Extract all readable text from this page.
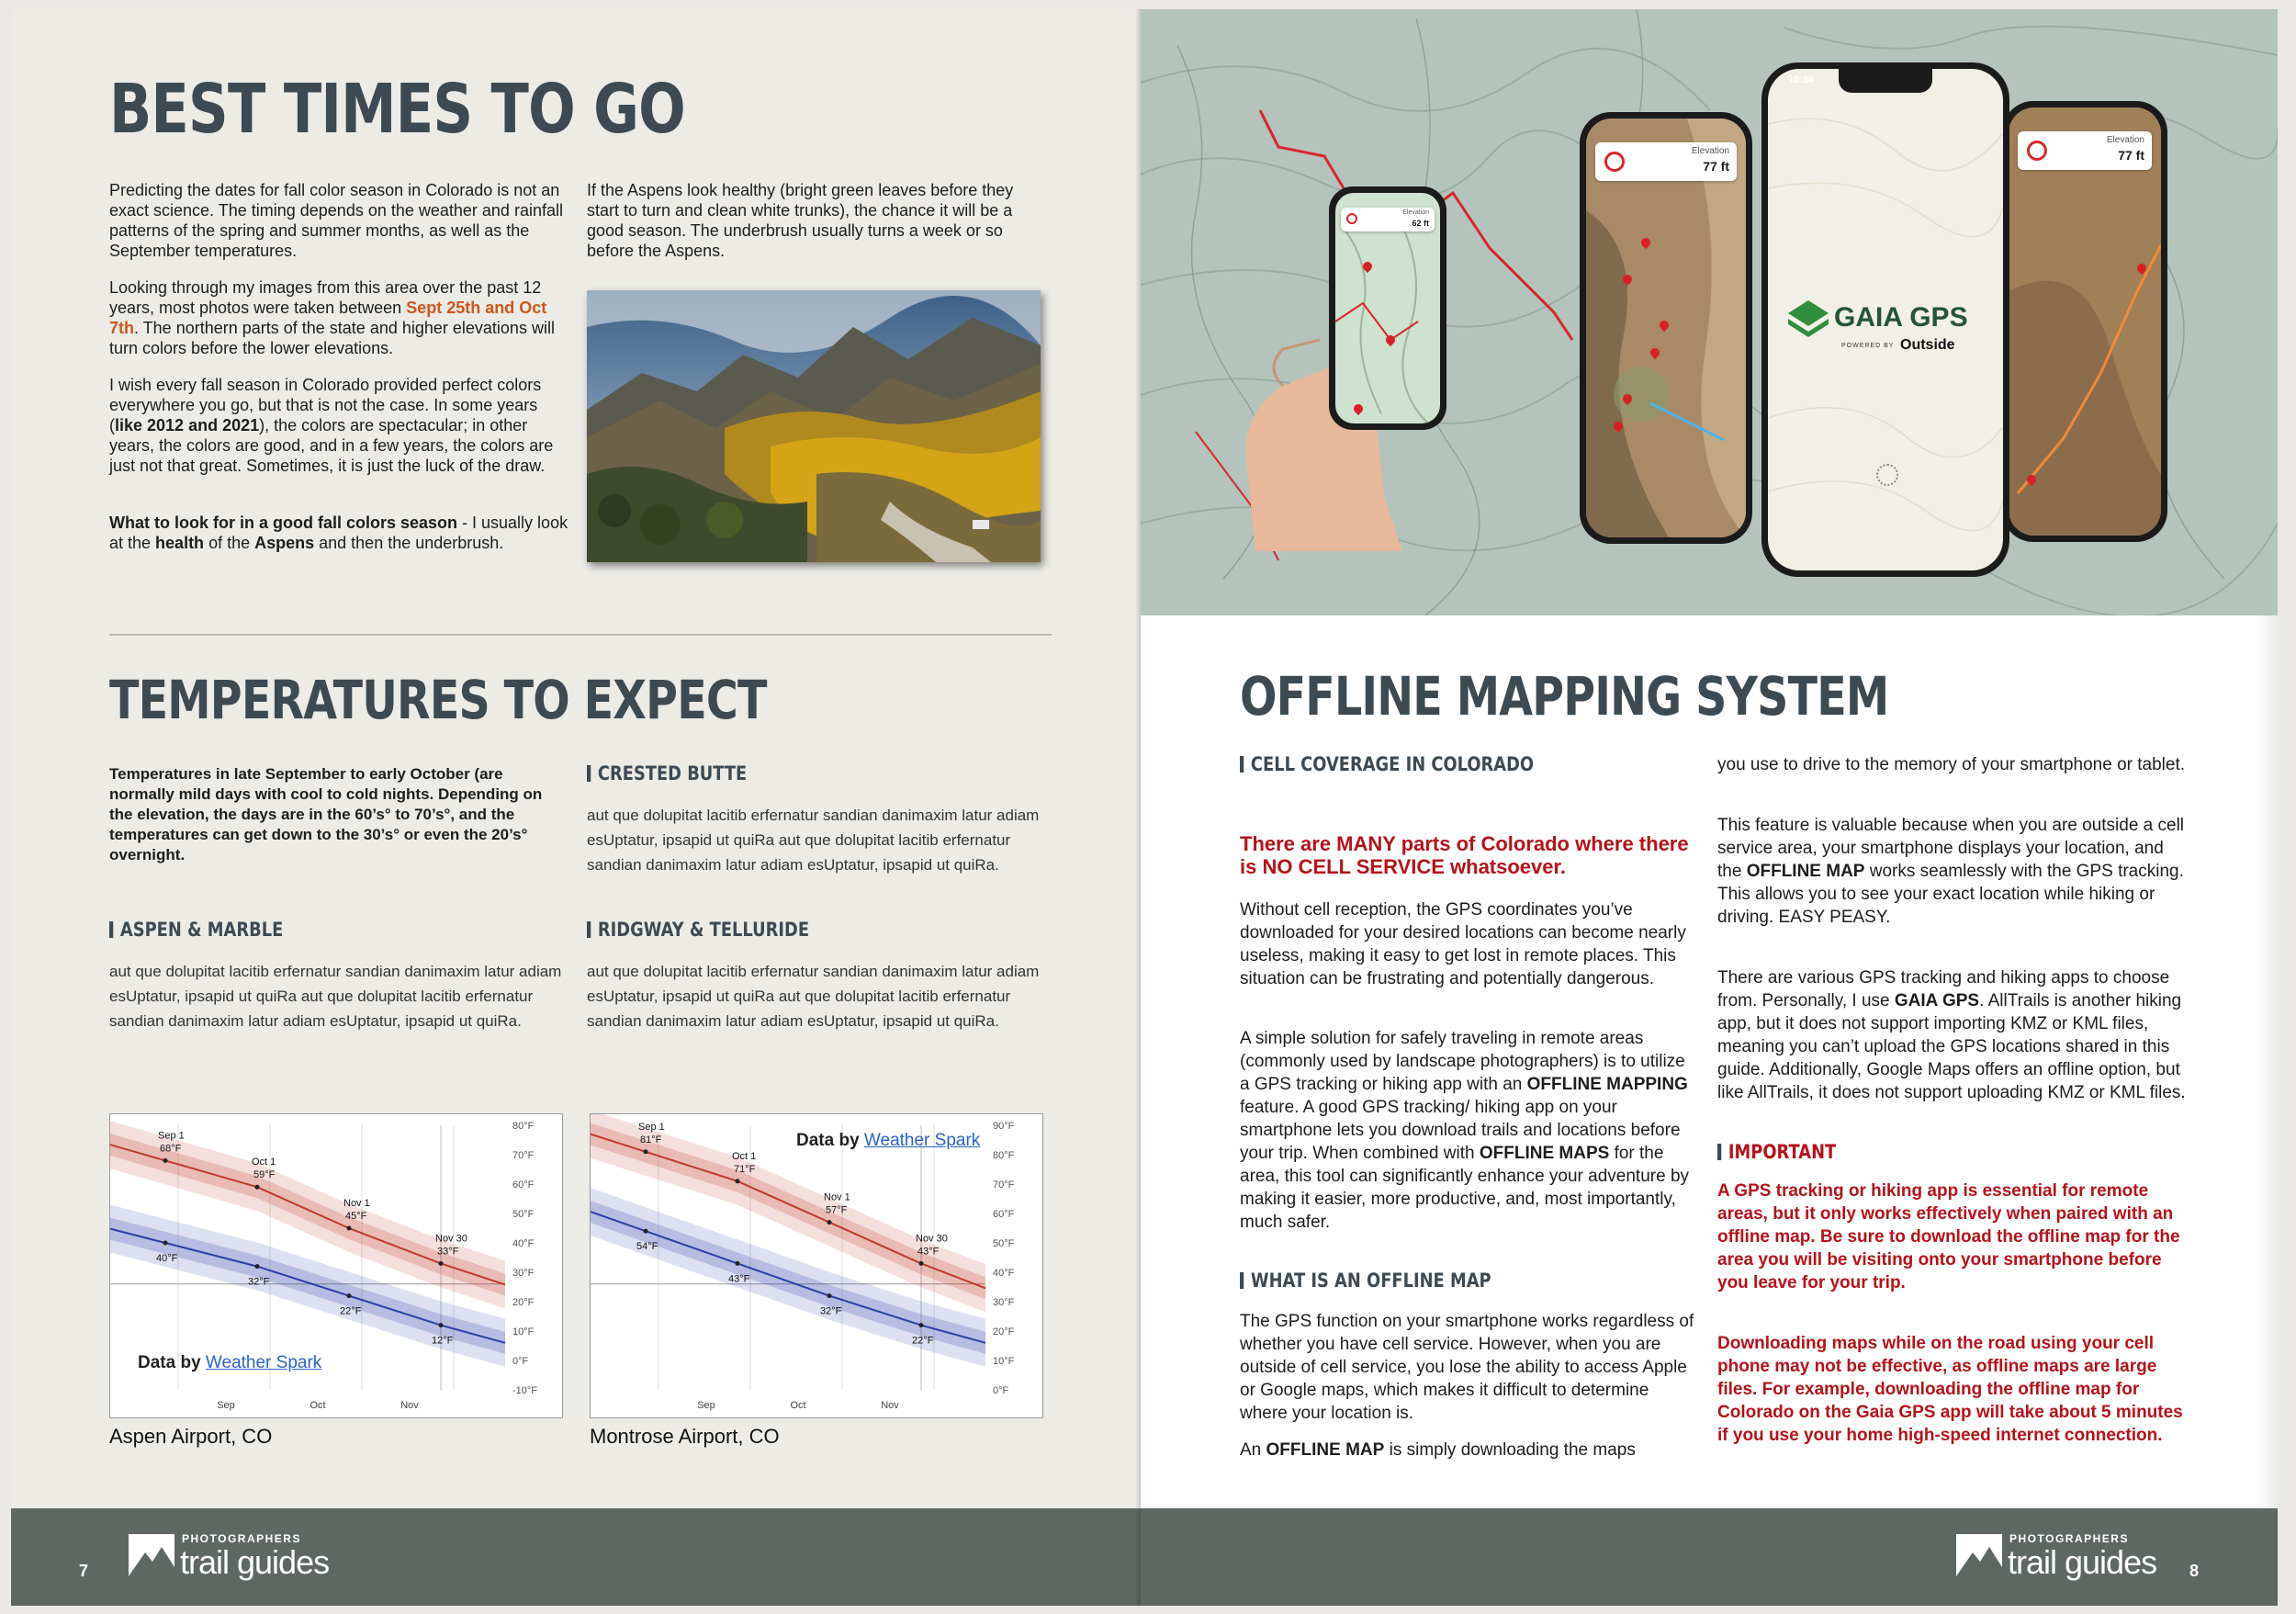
BEST TIMES TO GO

Predicting the dates for fall color season in Colorado is not an exact science. The timing depends on the weather and rainfall patterns of the spring and summer months, as well as the September temperatures.

Looking through my images from this area over the past 12 years, most photos were taken between Sept 25th and Oct 7th. The northern parts of the state and higher elevations will turn colors before the lower elevations.

I wish every fall season in Colorado provided perfect colors everywhere you go, but that is not the case. In some years (like 2012 and 2021), the colors are spectacular; in other years, the colors are good, and in a few years, the colors are just not that great. Sometimes, it is just the luck of the draw.

What to look for in a good fall colors season - I usually look at the health of the Aspens and then the underbrush.

If the Aspens look healthy (bright green leaves before they start to turn and clean white trunks), the chance it will be a good season. The underbrush usually turns a week or so before the Aspens.

TEMPERATURES TO EXPECT

Temperatures in late September to early October (are normally mild days with cool to cold nights. Depending on the elevation, the days are in the 60’s° to 70’s°, and the temperatures can get down to the 30’s° or even the 20’s° overnight.

ASPEN & MARBLE

aut que dolupitat lacitib erfernatur sandian danimaxim latur adiam esUptatur, ipsapid ut quiRa aut que dolupitat lacitib erfernatur sandian danimaxim latur adiam esUptatur, ipsapid ut quiRa.

CRESTED BUTTE

aut que dolupitat lacitib erfernatur sandian danimaxim latur adiam esUptatur, ipsapid ut quiRa aut que dolupitat lacitib erfernatur sandian danimaxim latur adiam esUptatur, ipsapid ut quiRa.

RIDGWAY & TELLURIDE

aut que dolupitat lacitib erfernatur sandian danimaxim latur adiam esUptatur, ipsapid ut quiRa aut que dolupitat lacitib erfernatur sandian danimaxim latur adiam esUptatur, ipsapid ut quiRa.

80°F
70°F
60°F
50°F
40°F
30°F
20°F
10°F
0°F
-10°F
Sep	Oct	Nov
Sep 1
68°F
Oct 1
59°F
Nov 1
45°F
Nov 30
33°F
40°F
32°F
22°F
12°F
Data by Weather Spark
Aspen Airport, CO
90°F
80°F
70°F
60°F
50°F
40°F
30°F
20°F
10°F
0°F
Sep	Oct	Nov
Sep 1
81°F
Oct 1
71°F
Nov 1
57°F
Nov 30
43°F
54°F
43°F
32°F
22°F
Data by Weather Spark
Montrose Airport, CO
7
PHOTOGRAPHERS
trail guides
Elevation
62 ft
Elevation
77 ft
Elevation
77 ft
10:34
GAIA GPS
POWERED BY Outside
OFFLINE MAPPING SYSTEM
CELL COVERAGE IN COLORADO

There are MANY parts of Colorado where there is NO CELL SERVICE whatsoever.

Without cell reception, the GPS coordinates you’ve downloaded for your desired locations can become nearly useless, making it easy to get lost in remote places. This situation can be frustrating and potentially dangerous.

A simple solution for safely traveling in remote areas (commonly used by landscape photographers) is to utilize a GPS tracking or hiking app with an OFFLINE MAPPING feature. A good GPS tracking/ hiking app on your smartphone lets you download trails and locations before your trip. When combined with OFFLINE MAPS for the area, this tool can significantly enhance your adventure by making it easier, more productive, and, most importantly, much safer.

WHAT IS AN OFFLINE MAP

The GPS function on your smartphone works regardless of whether you have cell service. However, when you are outside of cell service, you lose the ability to access Apple or Google maps, which makes it difficult to determine where your location is.

An OFFLINE MAP is simply downloading the maps

you use to drive to the memory of your smartphone or tablet.

This feature is valuable because when you are outside a cell service area, your smartphone displays your location, and the OFFLINE MAP works seamlessly with the GPS tracking. This allows you to see your exact location while hiking or driving. EASY PEASY.

There are various GPS tracking and hiking apps to choose from. Personally, I use GAIA GPS. AllTrails is another hiking app, but it does not support importing KMZ or KML files, meaning you can’t upload the GPS locations shared in this guide. Additionally, Google Maps offers an offline option, but like AllTrails, it does not support uploading KMZ or KML files.

IMPORTANT

A GPS tracking or hiking app is essential for remote areas, but it only works effectively when paired with an offline map. Be sure to download the offline map for the area you will be visiting onto your smartphone before you leave for your trip.

Downloading maps while on the road using your cell phone may not be effective, as offline maps are large files. For example, downloading the offline map for Colorado on the Gaia GPS app will take about 5 minutes if you use your home high-speed internet connection.

PHOTOGRAPHERS
trail guides 8
